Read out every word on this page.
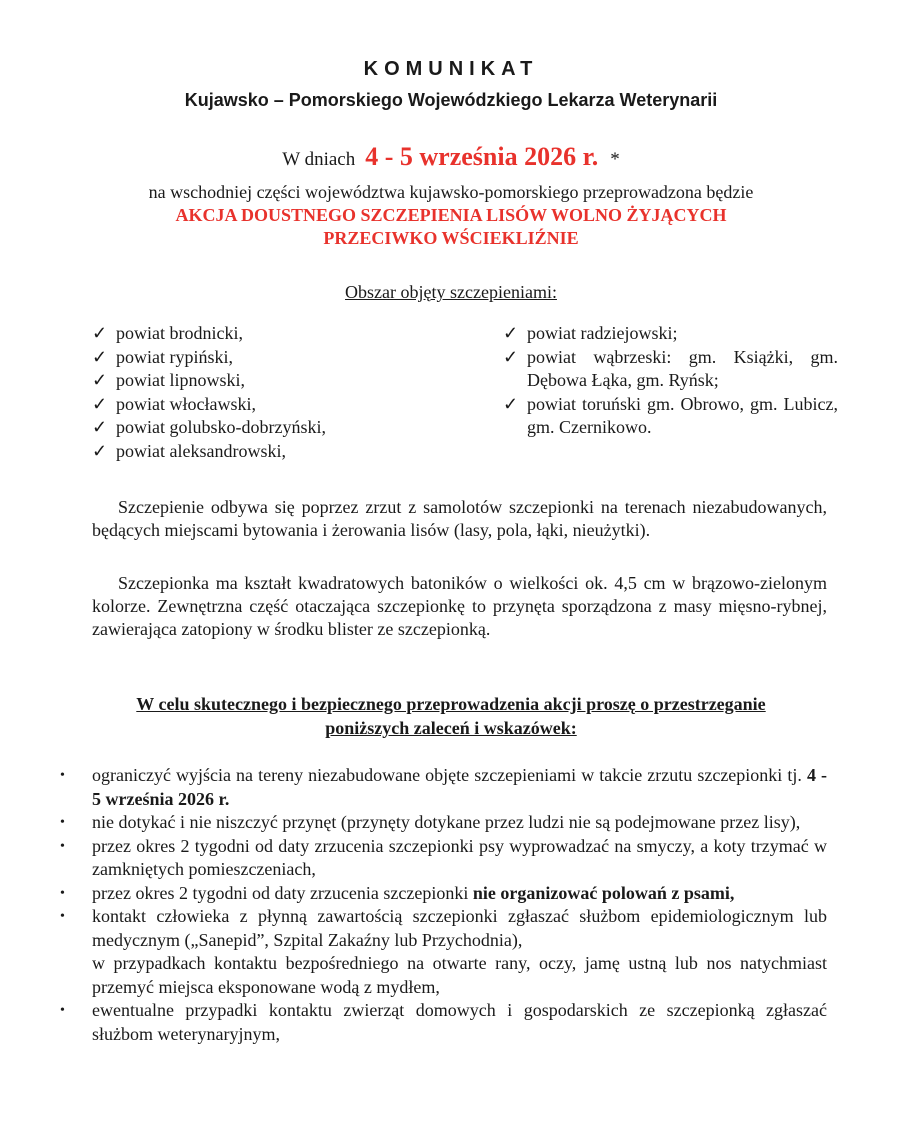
KOMUNIKAT
Kujawsko – Pomorskiego Wojewódzkiego Lekarza Weterynarii
W dniach 4 - 5 września 2026 r. *
na wschodniej części województwa kujawsko-pomorskiego przeprowadzona będzie
AKCJA DOUSTNEGO SZCZEPIENIA LISÓW WOLNO ŻYJĄCYCH
PRZECIWKO WŚCIEKLIŹNIE
Obszar objęty szczepieniami:
✓ powiat brodnicki,
✓ powiat rypiński,
✓ powiat lipnowski,
✓ powiat włocławski,
✓ powiat golubsko-dobrzyński,
✓ powiat aleksandrowski,
✓ powiat radziejowski;
✓ powiat wąbrzeski: gm. Książki, gm. Dębowa Łąka, gm. Ryńsk;
✓ powiat toruński gm. Obrowo, gm. Lubicz, gm. Czernikowo.
Szczepienie odbywa się poprzez zrzut z samolotów szczepionki na terenach niezabudowanych, będących miejscami bytowania i żerowania lisów (lasy, pola, łąki, nieużytki).
Szczepionka ma kształt kwadratowych batoników o wielkości ok. 4,5 cm w brązowo-zielonym kolorze. Zewnętrzna część otaczająca szczepionkę to przynęta sporządzona z masy mięsno-rybnej, zawierająca zatopiony w środku blister ze szczepionką.
W celu skutecznego i bezpiecznego przeprowadzenia akcji proszę o przestrzeganie
poniższych zaleceń i wskazówek:
• ograniczyć wyjścia na tereny niezabudowane objęte szczepieniami w takcie zrzutu szczepionki tj. 4 - 5 września 2026 r.
• nie dotykać i nie niszczyć przynęt (przynęty dotykane przez ludzi nie są podejmowane przez lisy),
• przez okres 2 tygodni od daty zrzucenia szczepionki psy wyprowadzać na smyczy, a koty trzymać w zamkniętych pomieszczeniach,
• przez okres 2 tygodni od daty zrzucenia szczepionki nie organizować polowań z psami,
• kontakt człowieka z płynną zawartością szczepionki zgłaszać służbom epidemiologicznym lub medycznym („Sanepid”, Szpital Zakaźny lub Przychodnia),
w przypadkach kontaktu bezpośredniego na otwarte rany, oczy, jamę ustną lub nos natychmiast przemyć miejsca eksponowane wodą z mydłem,
• ewentualne przypadki kontaktu zwierząt domowych i gospodarskich ze szczepionką zgłaszać służbom weterynaryjnym,
